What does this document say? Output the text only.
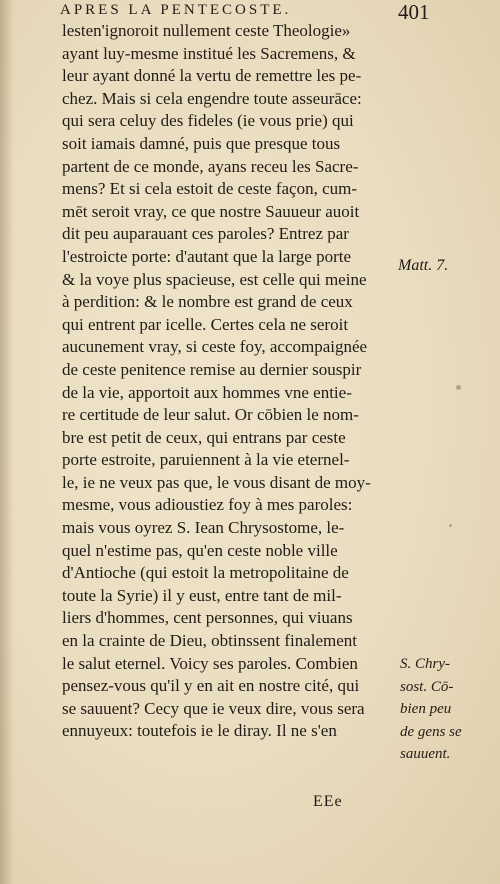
APRES LA PENTECOSTE.	401
lesten'ignoroit nullement ceste Theologie»
ayant luy-mesme institué les Sacremens, &
leur ayant donné la vertu de remettre les pe-
chez. Mais si cela engendre toute asseurāce:
qui sera celuy des fideles (ie vous prie) qui
soit iamais damné, puis que presque tous
partent de ce monde, ayans receu les Sacre-
mens? Et si cela estoit de ceste façon, cum-
mēt seroit vray, ce que nostre Sauueur auoit
dit peu auparauant ces paroles? Entrez par
l'estroicte porte: d'autant que la large porte
& la voye plus spacieuse, est celle qui meine
à perdition: & le nombre est grand de ceux
qui entrent par icelle. Certes cela ne seroit
aucunement vray, si ceste foy, accompaignée
de ceste penitence remise au dernier souspir
de la vie, apportoit aux hommes vne entie-
re certitude de leur salut. Or cōbien le nom-
bre est petit de ceux, qui entrans par ceste
porte estroite, paruiennent à la vie eternel-
le, ie ne veux pas que, le vous disant de moy-
mesme, vous adioustiez foy à mes paroles:
mais vous oyrez S. Iean Chrysostome, le-
quel n'estime pas, qu'en ceste noble ville
d'Antioche (qui estoit la metropolitaine de
toute la Syrie) il y eust, entre tant de mil-
liers d'hommes, cent personnes, qui viuans
en la crainte de Dieu, obtinssent finalement
le salut eternel. Voicy ses paroles. Combien
pensez-vous qu'il y en ait en nostre cité, qui
se sauuent? Cecy que ie veux dire, vous sera
ennuyeux: toutefois ie le diray. Il ne s'en
Matt. 7.
S. Chry-
sost. Cō-
bien peu
de gens se
sauuent.
EEe
